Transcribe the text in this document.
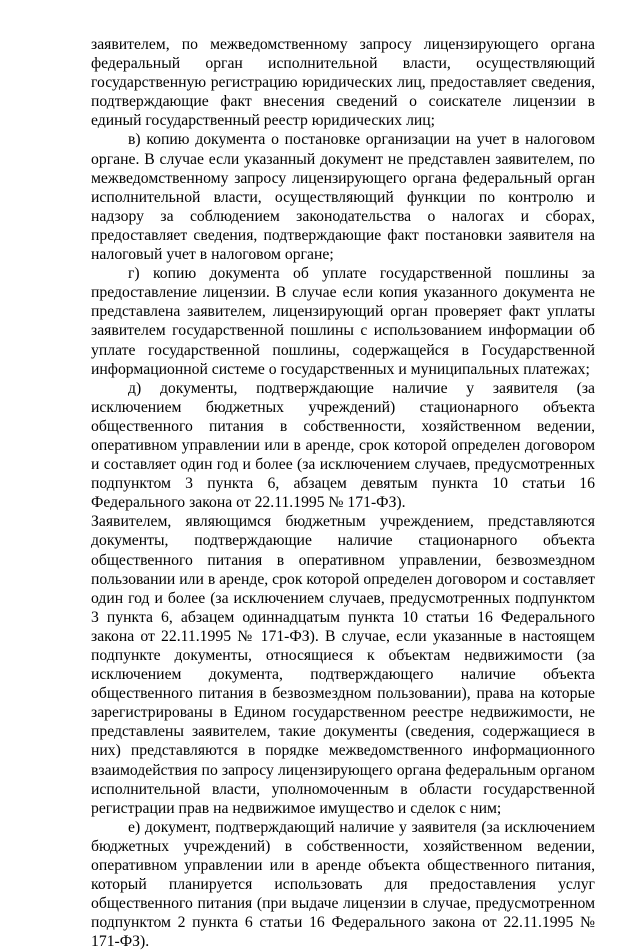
заявителем, по межведомственному запросу лицензирующего органа федеральный орган исполнительной власти, осуществляющий государственную регистрацию юридических лиц, предоставляет сведения, подтверждающие факт внесения сведений о соискателе лицензии в единый государственный реестр юридических лиц;

в) копию документа о постановке организации на учет в налоговом органе. В случае если указанный документ не представлен заявителем, по межведомственному запросу лицензирующего органа федеральный орган исполнительной власти, осуществляющий функции по контролю и надзору за соблюдением законодательства о налогах и сборах, предоставляет сведения, подтверждающие факт постановки заявителя на налоговый учет в налоговом органе;

г) копию документа об уплате государственной пошлины за предоставление лицензии. В случае если копия указанного документа не представлена заявителем, лицензирующий орган проверяет факт уплаты заявителем государственной пошлины с использованием информации об уплате государственной пошлины, содержащейся в Государственной информационной системе о государственных и муниципальных платежах;

д) документы, подтверждающие наличие у заявителя (за исключением бюджетных учреждений) стационарного объекта общественного питания в собственности, хозяйственном ведении, оперативном управлении или в аренде, срок которой определен договором и составляет один год и более (за исключением случаев, предусмотренных подпунктом 3 пункта 6, абзацем девятым пункта 10 статьи 16 Федерального закона от 22.11.1995 № 171-ФЗ).

Заявителем, являющимся бюджетным учреждением, представляются документы, подтверждающие наличие стационарного объекта общественного питания в оперативном управлении, безвозмездном пользовании или в аренде, срок которой определен договором и составляет один год и более (за исключением случаев, предусмотренных подпунктом 3 пункта 6, абзацем одиннадцатым пункта 10 статьи 16 Федерального закона от 22.11.1995 № 171-ФЗ). В случае, если указанные в настоящем подпункте документы, относящиеся к объектам недвижимости (за исключением документа, подтверждающего наличие объекта общественного питания в безвозмездном пользовании), права на которые зарегистрированы в Едином государственном реестре недвижимости, не представлены заявителем, такие документы (сведения, содержащиеся в них) представляются в порядке межведомственного информационного взаимодействия по запросу лицензирующего органа федеральным органом исполнительной власти, уполномоченным в области государственной регистрации прав на недвижимое имущество и сделок с ним;

е) документ, подтверждающий наличие у заявителя (за исключением бюджетных учреждений) в собственности, хозяйственном ведении, оперативном управлении или в аренде объекта общественного питания, который планируется использовать для предоставления услуг общественного питания (при выдаче лицензии в случае, предусмотренном подпунктом 2 пункта 6 статьи 16 Федерального закона от 22.11.1995 № 171-ФЗ).
